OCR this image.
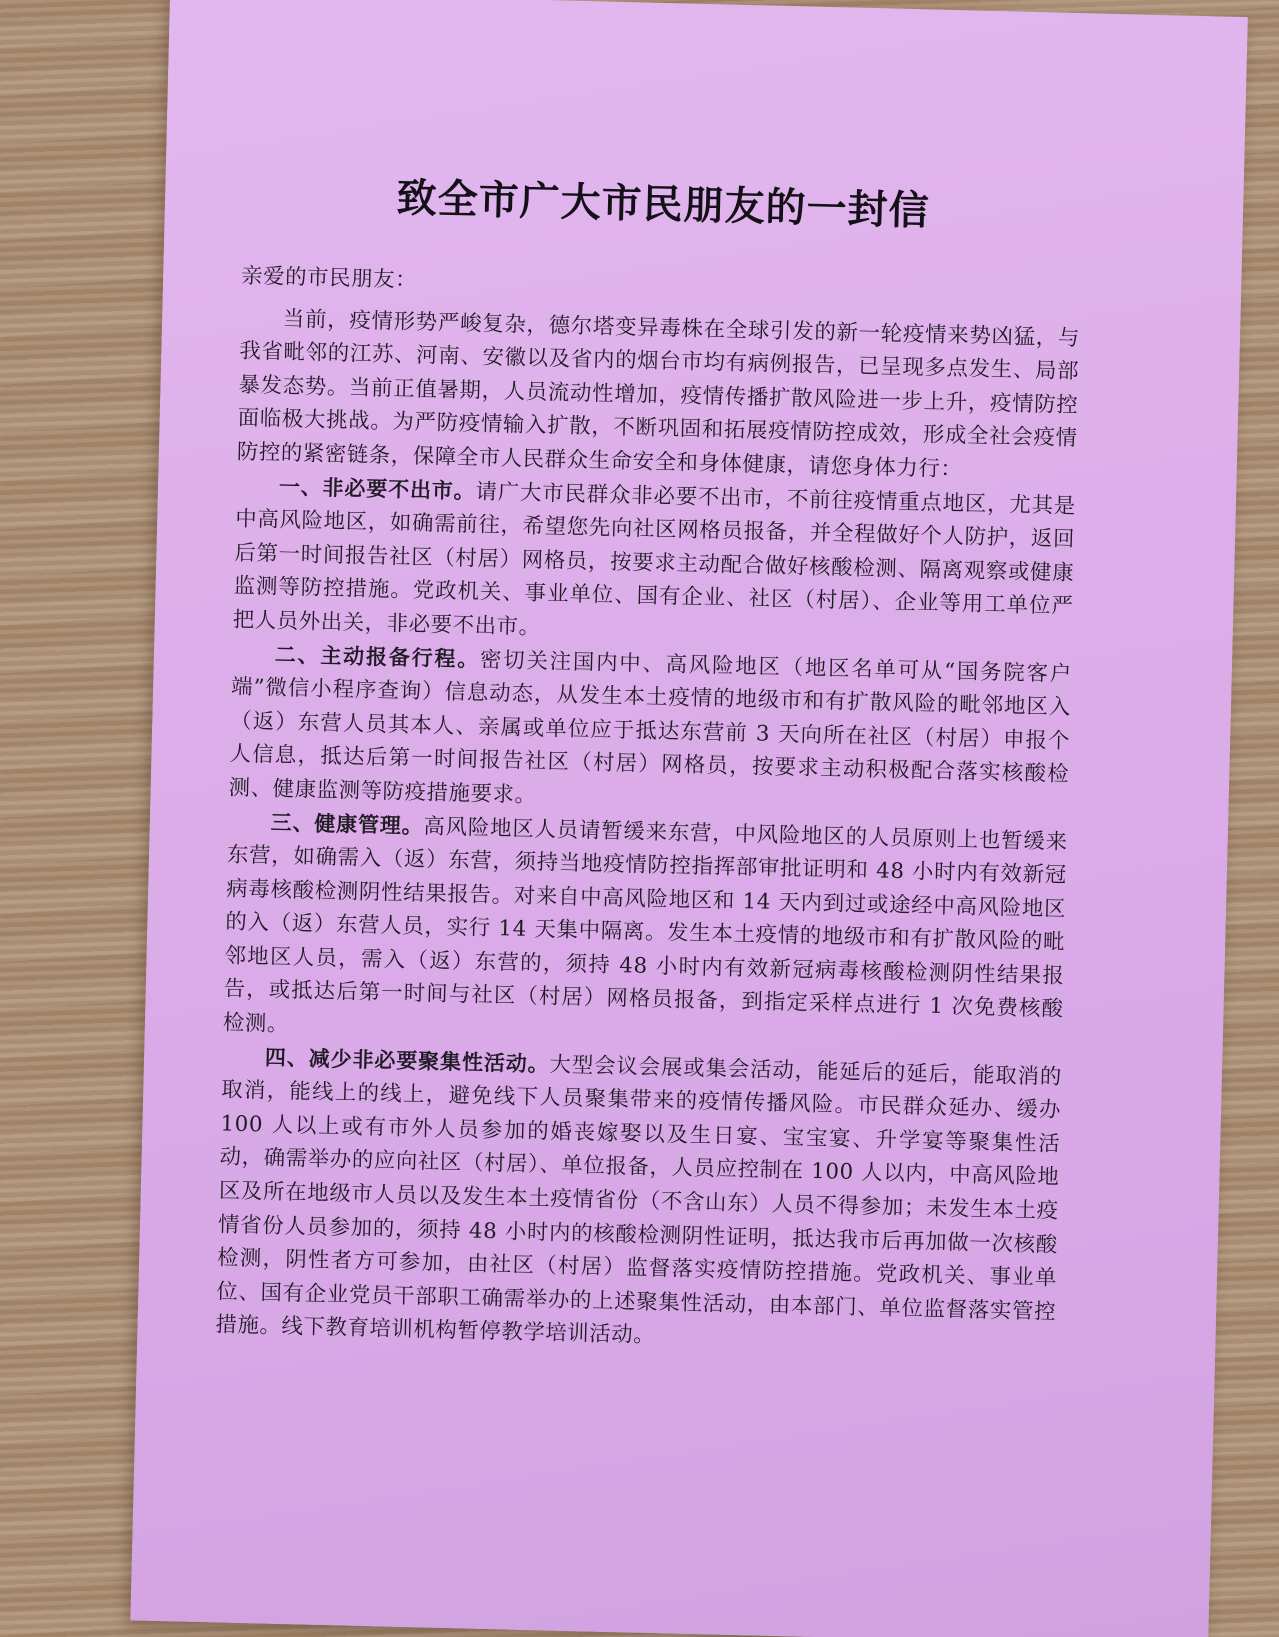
致全市广大市民朋友的一封信

亲爱的市民朋友：

当前，疫情形势严峻复杂，德尔塔变异毒株在全球引发的新一轮疫情来势凶猛，与我省毗邻的江苏、河南、安徽以及省内的烟台市均有病例报告，已呈现多点发生、局部暴发态势。当前正值暑期，人员流动性增加，疫情传播扩散风险进一步上升，疫情防控面临极大挑战。为严防疫情输入扩散，不断巩固和拓展疫情防控成效，形成全社会疫情防控的紧密链条，保障全市人民群众生命安全和身体健康，请您身体力行：

一、非必要不出市。请广大市民群众非必要不出市，不前往疫情重点地区，尤其是中高风险地区，如确需前往，希望您先向社区网格员报备，并全程做好个人防护，返回后第一时间报告社区（村居）网格员，按要求主动配合做好核酸检测、隔离观察或健康监测等防控措施。党政机关、事业单位、国有企业、社区（村居）、企业等用工单位严把人员外出关，非必要不出市。

二、主动报备行程。密切关注国内中、高风险地区（地区名单可从“国务院客户端”微信小程序查询）信息动态，从发生本土疫情的地级市和有扩散风险的毗邻地区入（返）东营人员其本人、亲属或单位应于抵达东营前 3 天向所在社区（村居）申报个人信息，抵达后第一时间报告社区（村居）网格员，按要求主动积极配合落实核酸检测、健康监测等防疫措施要求。

三、健康管理。高风险地区人员请暂缓来东营，中风险地区的人员原则上也暂缓来东营，如确需入（返）东营，须持当地疫情防控指挥部审批证明和 48 小时内有效新冠病毒核酸检测阴性结果报告。对来自中高风险地区和 14 天内到过或途经中高风险地区的入（返）东营人员，实行 14 天集中隔离。发生本土疫情的地级市和有扩散风险的毗邻地区人员，需入（返）东营的，须持 48 小时内有效新冠病毒核酸检测阴性结果报告，或抵达后第一时间与社区（村居）网格员报备，到指定采样点进行 1 次免费核酸检测。

四、减少非必要聚集性活动。大型会议会展或集会活动，能延后的延后，能取消的取消，能线上的线上，避免线下人员聚集带来的疫情传播风险。市民群众延办、缓办 100 人以上或有市外人员参加的婚丧嫁娶以及生日宴、宝宝宴、升学宴等聚集性活动，确需举办的应向社区（村居）、单位报备，人员应控制在 100 人以内，中高风险地区及所在地级市人员以及发生本土疫情省份（不含山东）人员不得参加；未发生本土疫情省份人员参加的，须持 48 小时内的核酸检测阴性证明，抵达我市后再加做一次核酸检测，阴性者方可参加，由社区（村居）监督落实疫情防控措施。党政机关、事业单位、国有企业党员干部职工确需举办的上述聚集性活动，由本部门、单位监督落实管控措施。线下教育培训机构暂停教学培训活动。
